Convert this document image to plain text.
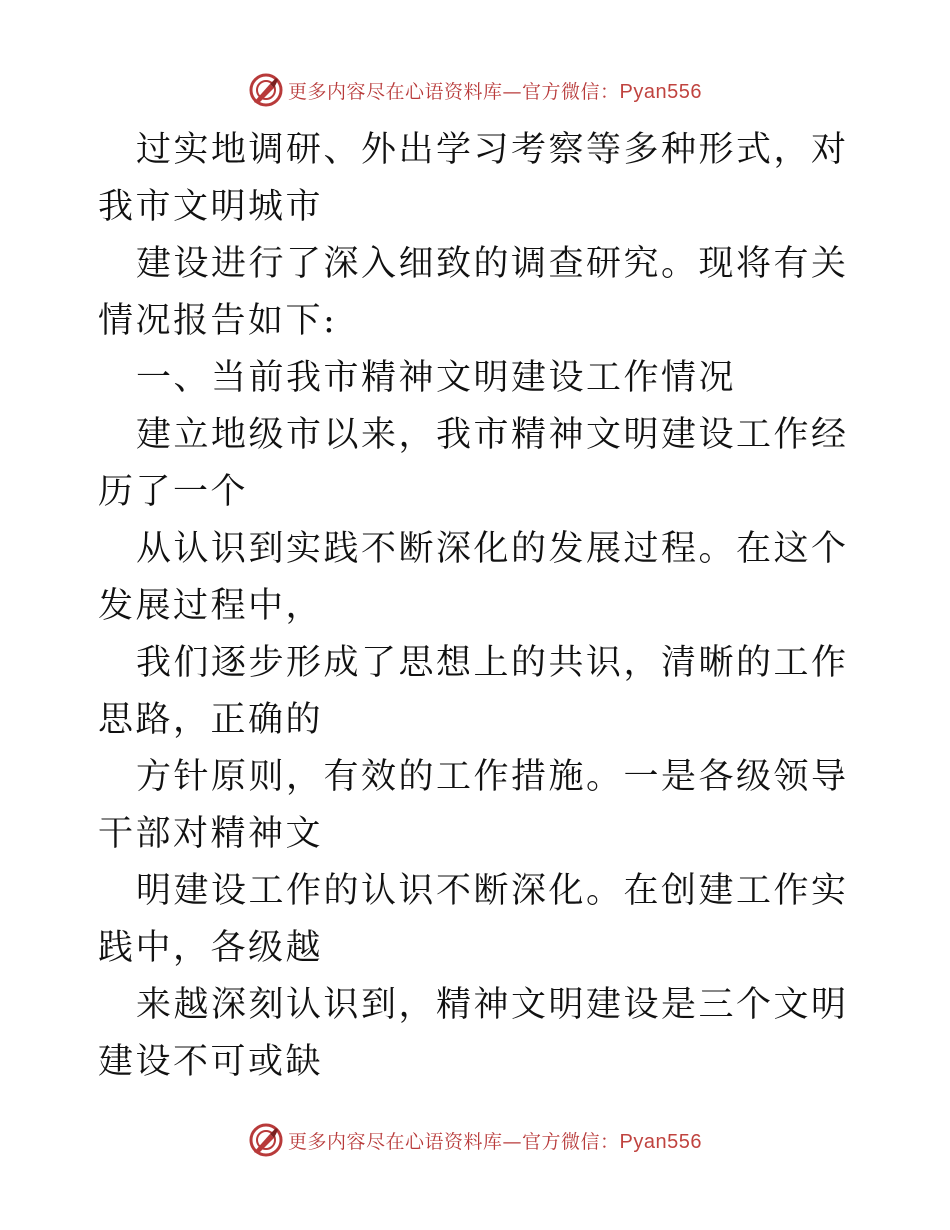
更多内容尽在心语资料库—官方微信：Pyan556

过实地调研、外出学习考察等多种形式，对我市文明城市

建设进行了深入细致的调查研究。现将有关情况报告如下:

一、当前我市精神文明建设工作情况

建立地级市以来，我市精神文明建设工作经历了一个

从认识到实践不断深化的发展过程。在这个发展过程中，

我们逐步形成了思想上的共识，清晰的工作思路，正确的

方针原则，有效的工作措施。一是各级领导干部对精神文

明建设工作的认识不断深化。在创建工作实践中，各级越

来越深刻认识到，精神文明建设是三个文明建设不可或缺

更多内容尽在心语资料库—官方微信：Pyan556
